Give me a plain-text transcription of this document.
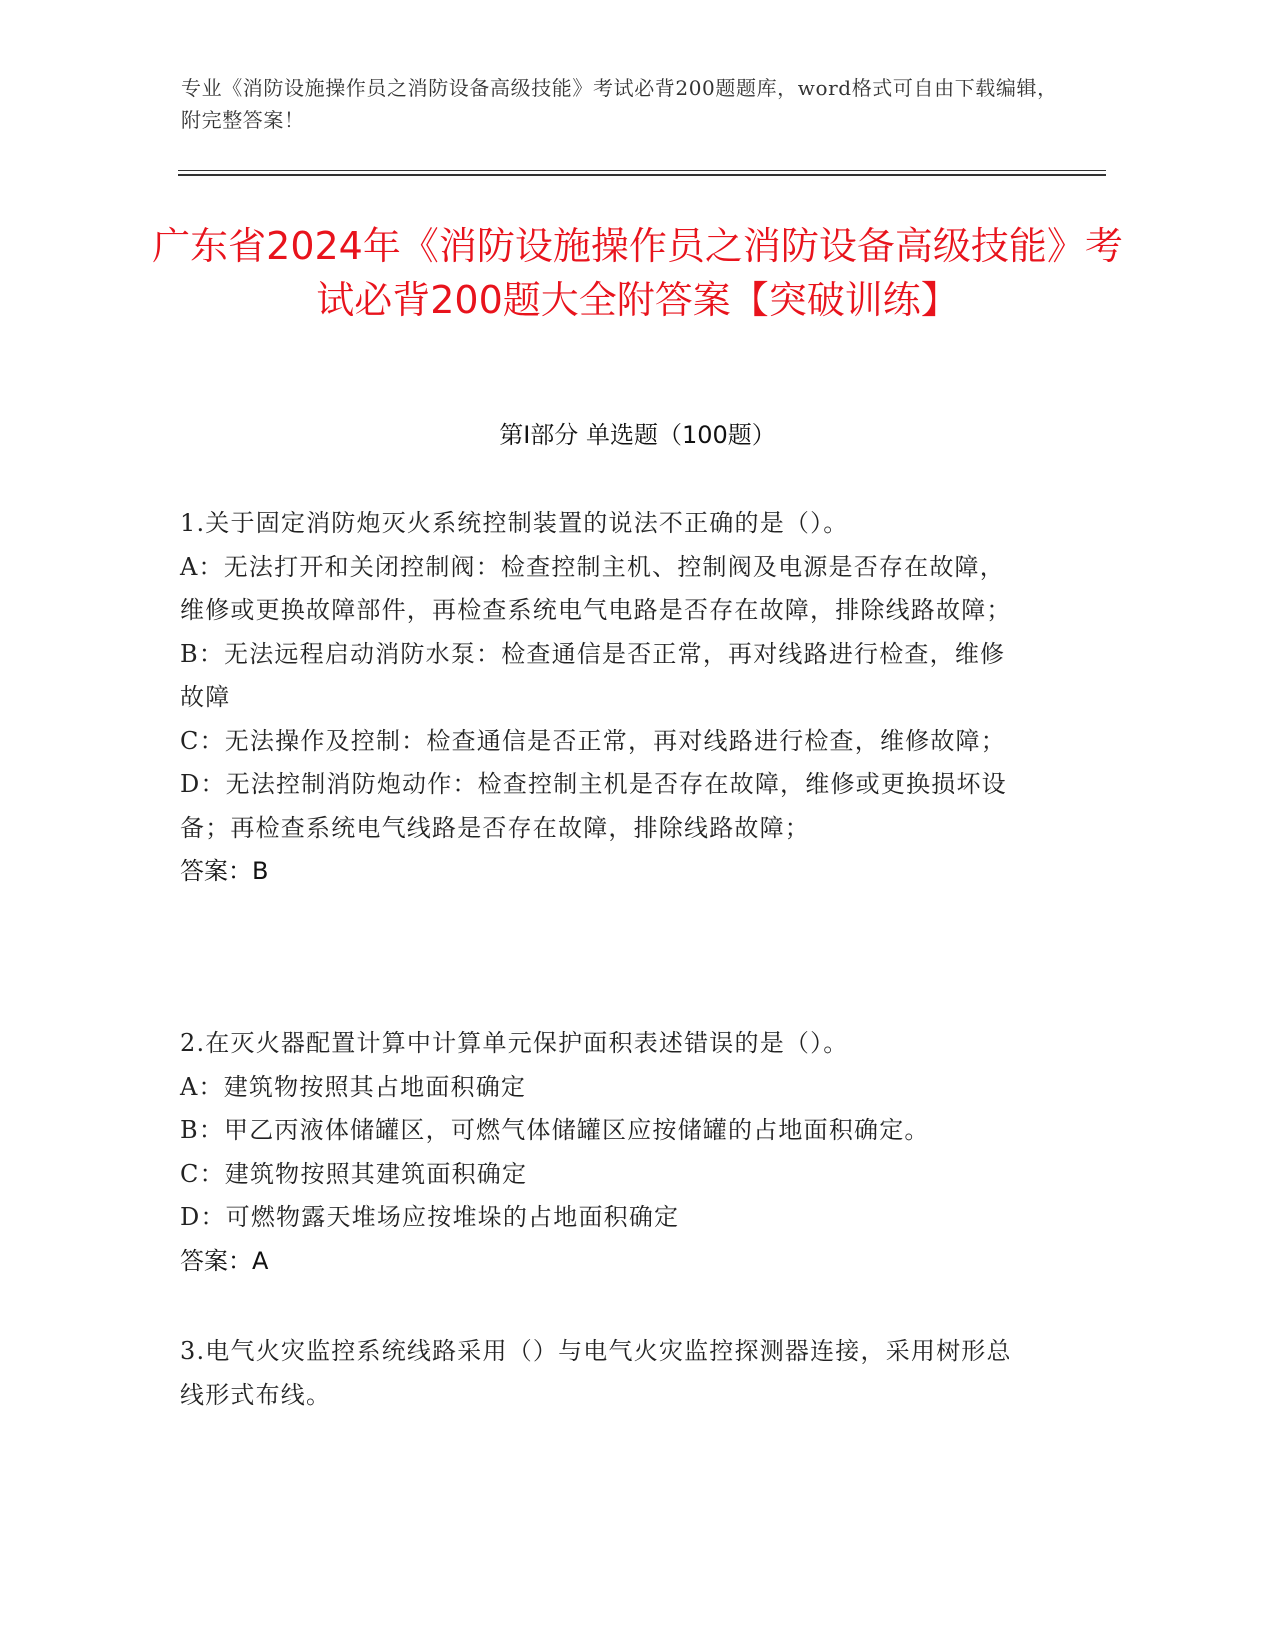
专业《消防设施操作员之消防设备高级技能》考试必背200题题库，word格式可自由下载编辑，附完整答案！
广东省2024年《消防设施操作员之消防设备高级技能》考试必背200题大全附答案【突破训练】
第Ⅰ部分 单选题（100题）

1.关于固定消防炮灭火系统控制装置的说法不正确的是（）。

A：无法打开和关闭控制阀：检查控制主机、控制阀及电源是否存在故障，维修或更换故障部件，再检查系统电气电路是否存在故障，排除线路故障；

B：无法远程启动消防水泵：检查通信是否正常，再对线路进行检查，维修故障

C：无法操作及控制：检查通信是否正常，再对线路进行检查，维修故障；

D：无法控制消防炮动作：检查控制主机是否存在故障，维修或更换损坏设备；再检查系统电气线路是否存在故障，排除线路故障；

答案：B

2.在灭火器配置计算中计算单元保护面积表述错误的是（）。

A：建筑物按照其占地面积确定

B：甲乙丙液体储罐区，可燃气体储罐区应按储罐的占地面积确定。

C：建筑物按照其建筑面积确定

D：可燃物露天堆场应按堆垛的占地面积确定

答案：A

3.电气火灾监控系统线路采用（）与电气火灾监控探测器连接，采用树形总线形式布线。
